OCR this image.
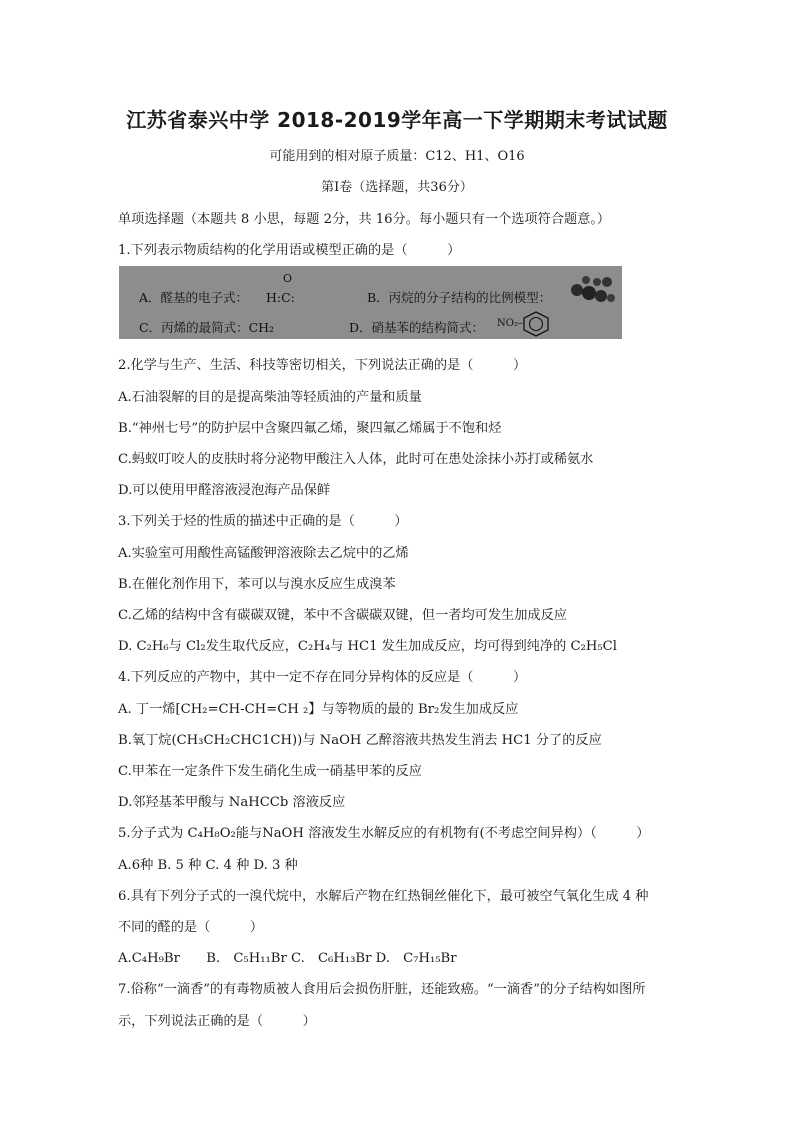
江苏省泰兴中学 2018-2019学年高一下学期期末考试试题
可能用到的相对原子质量：C12、H1、O16
第Ⅰ卷（选择题，共36分）
单项选择题（本题共 8 小思，每题 2分，共 16分。每小题只有一个选项符合题意。）
1.下列表示物质结构的化学用语或模型正确的是（　　　）
A．醛基的电子式：
O
H:C:	B．丙烷的分子结构的比例模型：
C．丙烯的最简式：CH₂	D．硝基苯的结构简式： NO₂–
2.化学与生产、生活、科技等密切相关，下列说法正确的是（　　　）
A.石油裂解的目的是提高柴油等轻质油的产量和质量
B.“神州七号”的防护层中含聚四氟乙烯，聚四氟乙烯属于不饱和烃
C.蚂蚁叮咬人的皮肤时将分泌物甲酸注入人体，此时可在患处涂抹小苏打或稀氨水
D.可以使用甲醛溶液浸泡海产品保鲜
3.下列关于烃的性质的描述中正确的是（　　　）
A.实验室可用酸性高锰酸钾溶液除去乙烷中的乙烯
B.在催化剂作用下，苯可以与溴水反应生成溴苯
C.乙烯的结构中含有碳碳双键，苯中不含碳碳双键，但一者均可发生加成反应
D. C₂H₆与 Cl₂发生取代反应，C₂H₄与 HC1 发生加成反应，均可得到纯净的 C₂H₅Cl
4.下列反应的产物中，其中一定不存在同分异构体的反应是（　　　）
A. 丁一烯[CH₂=CH-CH=CH ₂】与等物质的最的 Br₂发生加成反应
B.氧丁烷(CH₃CH₂CHC1CH))与 NaOH 乙醉溶液共热发生消去 HC1 分了的反应
C.甲苯在一定条件下发生硝化生成一硝基甲苯的反应
D.邻羟基苯甲酸与 NaHCCb 溶液反应
5.分子式为 C₄H₈O₂能与NaOH 溶液发生水解反应的有机物有(不考虑空间异构）（　　　）
A.6种 B. 5 种 C. 4 种 D. 3 种
6.具有下列分子式的一溴代烷中，水解后产物在红热铜丝催化下，最可被空气氧化生成 4 种
不同的醛的是（　　　）
A.C₄H₉Br　　B.　C₅H₁₁Br C.　C₆H₁₃Br D.　C₇H₁₅Br
7.俗称“一滴香”的有毒物质被人食用后会损伤肝脏，还能致癌。“一滴香”的分子结构如图所
示，下列说法正确的是（　　　）
